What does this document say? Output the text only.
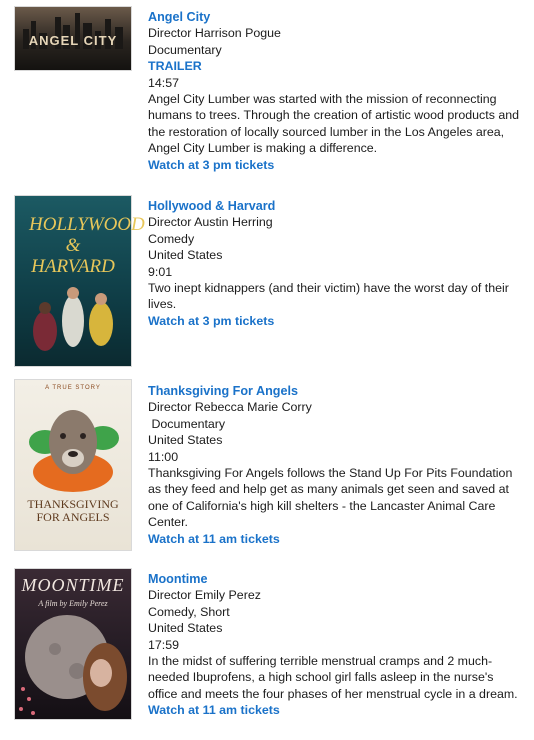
ANGEL CITY
Angel City
Director Harrison Pogue
Documentary
TRAILER
14:57
Angel City Lumber was started with the mission of reconnecting humans to trees. Through the creation of artistic wood products and the restoration of locally sourced lumber in the Los Angeles area, Angel City Lumber is making a difference.
Watch at 3 pm tickets
HOLLYWOOD & HARVARD
Hollywood & Harvard
Director Austin Herring
Comedy
United States
9:01
Two inept kidnappers (and their victim) have the worst day of their lives.
Watch at 3 pm tickets
A TRUE STORY
THANKSGIVING FOR ANGELS
Thanksgiving For Angels
Director Rebecca Marie Corry
Documentary
United States
11:00
Thanksgiving For Angels follows the Stand Up For Pits Foundation as they feed and help get as many animals get seen and saved at one of California's high kill shelters - the Lancaster Animal Care Center.
Watch at 11 am tickets
MOONTIME
A film by Emily Perez
Moontime
Director Emily Perez
Comedy, Short
United States
17:59
In the midst of suffering terrible menstrual cramps and 2 much-needed Ibuprofens, a high school girl falls asleep in the nurse's office and meets the four phases of her menstrual cycle in a dream.
Watch at 11 am tickets
